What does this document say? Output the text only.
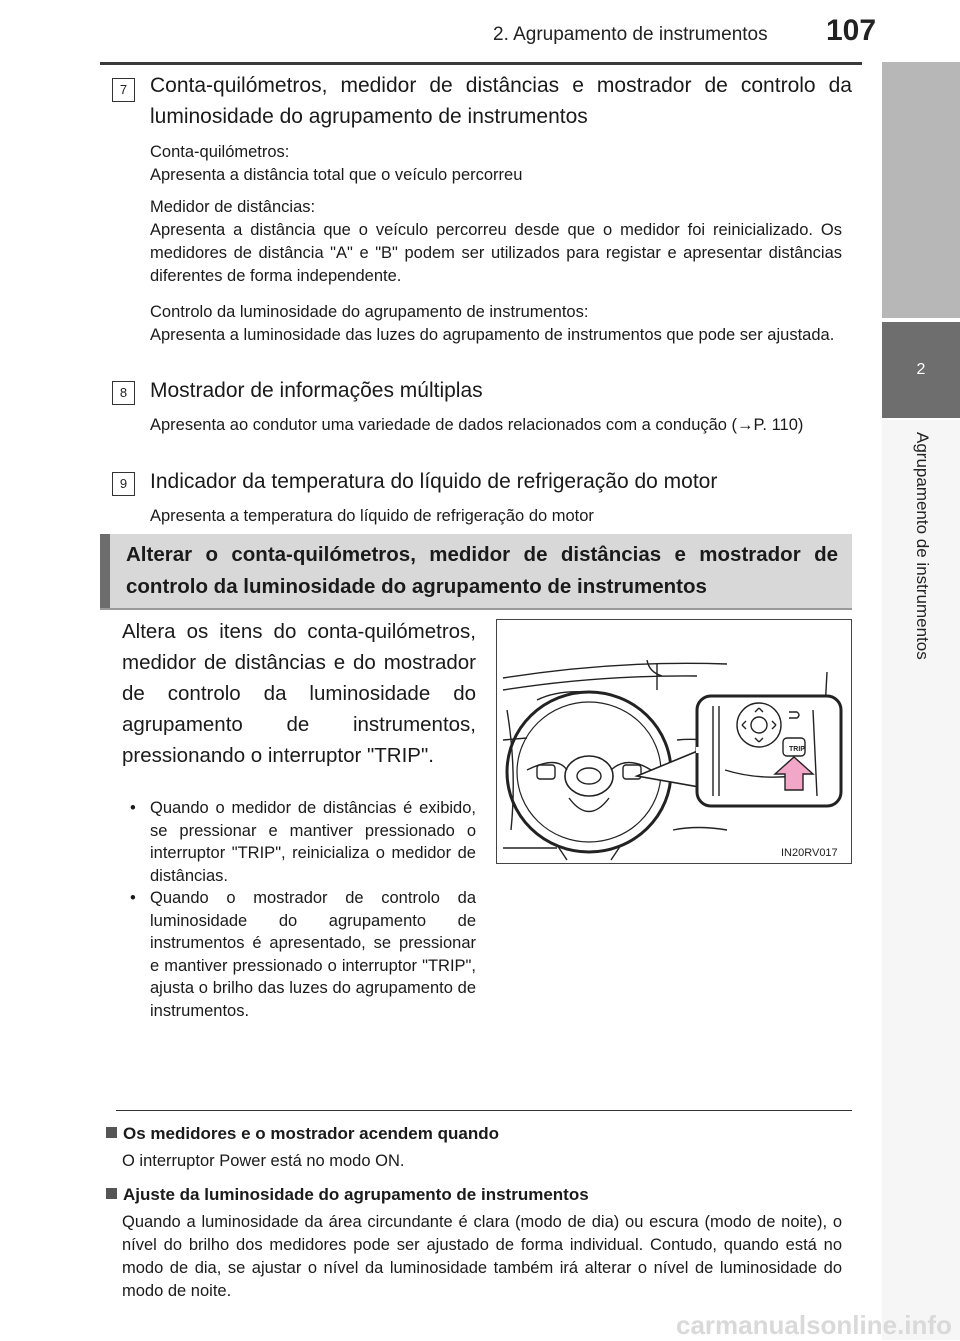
2. Agrupamento de instrumentos 107
2
Agrupamento de instrumentos
7	Conta-quilómetros, medidor de distâncias e mostrador de controlo da luminosidade do agrupamento de instrumentos
Conta-quilómetros:
Apresenta a distância total que o veículo percorreu
Medidor de distâncias:
Apresenta a distância que o veículo percorreu desde que o medidor foi reinicializado. Os medidores de distância "A" e "B" podem ser utilizados para registar e apresentar distâncias diferentes de forma independente.
Controlo da luminosidade do agrupamento de instrumentos:
Apresenta a luminosidade das luzes do agrupamento de instrumentos que pode ser ajustada.
8	Mostrador de informações múltiplas
Apresenta ao condutor uma variedade de dados relacionados com a condução (→P. 110)
9	Indicador da temperatura do líquido de refrigeração do motor
Apresenta a temperatura do líquido de refrigeração do motor
Alterar o conta-quilómetros, medidor de distâncias e mostrador de controlo da luminosidade do agrupamento de instrumentos
Altera os itens do conta-quilómetros, medidor de distâncias e do mostrador de controlo da luminosidade do agrupamento de instrumentos, pressionando o interruptor "TRIP".
• Quando o medidor de distâncias é exibido, se pressionar e mantiver pressionado o interruptor "TRIP", reinicializa o medidor de distâncias.
• Quando o mostrador de controlo da luminosidade do agrupamento de instrumentos é apresentado, se pressionar e mantiver pressionado o interruptor "TRIP", ajusta o brilho das luzes do agrupamento de instrumentos.
TRIP
IN20RV017
Os medidores e o mostrador acendem quando
O interruptor Power está no modo ON.
Ajuste da luminosidade do agrupamento de instrumentos
Quando a luminosidade da área circundante é clara (modo de dia) ou escura (modo de noite), o nível do brilho dos medidores pode ser ajustado de forma individual. Contudo, quando está no modo de dia, se ajustar o nível da luminosidade também irá alterar o nível de luminosidade do modo de noite.
carmanualsonline.info
